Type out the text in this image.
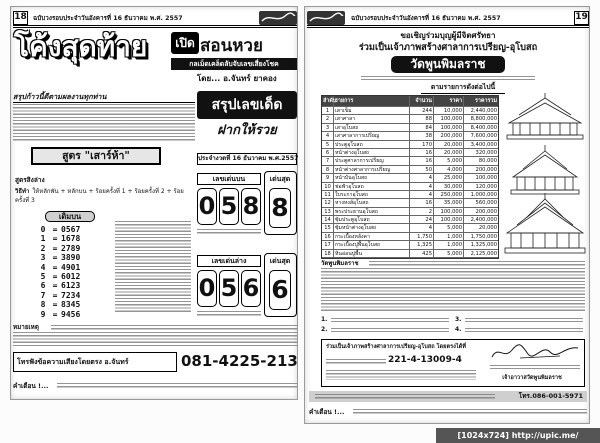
18 ฉบับวงรอบประจำวันอังคารที่ 16 ธันวาคม พ.ศ. 2557
โค้งสุดท้าย	เปิด สอนหวย
กลเม็ดเคล็ดลับจับเลขเสี่ยงโชค
โดย... อ.จันทร์ ยาคอง
สรุปก้าวนี้ดีตามผลงานทุกท่าน
สรุปเลขเด็ด
ฝากให้รวย
ประจำงวดที่ 16 ธันวาคม พ.ศ.2557
สูตร "เสาร์ห้า"
สูตรสิงล่าง
วิธีทำ ให้หลักพัน + หลักบน + ร้อยครั้งที่ 1 + ร้อยครั้งที่ 2 + ร้อยครั้งที่ 3
เดิมบน
0 = 0567
1 = 1678
2 = 2789
3 = 3890
4 = 4901
5 = 6012
6 = 6123
7 = 7234
8 = 8345
9 = 9456
เลขเด่นบน
0 5 8
เด่นสุด
8
เลขเด่นล่าง
0 5 6
เด่นสุด
6
หมายเหตุ
โทรฟังข้อความเสียงโดยตรง อ.จันทร์	081-4225-213
คำเตือน !...
ฉบับวงรอบประจำวันอังคารที่ 16 ธันวาคม พ.ศ. 2557	19
ขอเชิญร่วมบุญผู้มีจิตศรัทธา
ร่วมเป็นเจ้าภาพสร้างศาลาการเปรียญ-อุโบสถ
วัดพูนพิมลราช
ตามรายการดังต่อไปนี้
ลำดับ
รายการ	จำนวน	ราคา	ราคารวม
1	เสาเข็ม	244	10,000	2,440,000
2	เสาศาลา	88	100,000	8,800,000
3	เสาอุโบสถ	84	100,000	8,400,000
4	เสาศาลาการเปรียญ	38	200,000	7,600,000
5	ประตูอุโบสถ	170	20,000	3,400,000
6	หน้าต่างอุโบสถ	16	20,000	320,000
7	ประตูศาลาการเปรียญ	16	5,000	80,000
8	หน้าต่างศาลาการเปรียญ	50	4,000	200,000
9	หน้าบันอุโบสถ	4	25,000	100,000
10 ช่อฟ้าอุโบสถ	4	30,000	120,000
11 ใบระกาอุโบสถ	4	250,000	1,000,000
12 หางหงส์อุโบสถ	16	35,000	560,000
13 พระประธานอุโบสถ	2	100,000	200,000
14 ซุ้มประตูอุโบสถ	24	100,000	2,400,000
15 ซุ้มหน้าต่างอุโบสถ	4	5,000	20,000
16 กระเบื้องหลังคา	1,750	1,000	1,750,000
17 กระเบื้องปูพื้นอุโบสถ	1,325	1,000	1,325,000
18 หินอ่อนปูพื้น	425	5,000	2,125,000
วัดพูนพิมลราช
1.
2.
3.
4.
ร่วมเป็นเจ้าภาพสร้างศาลาการเปรียญ-อุโบสถ โดยตรงได้ที่
221-4-13009-4
เจ้าอาวาสวัดพูนพิมลราช
โทร.086-001-5971
คำเตือน !...
[1024x724] http://upic.me/
